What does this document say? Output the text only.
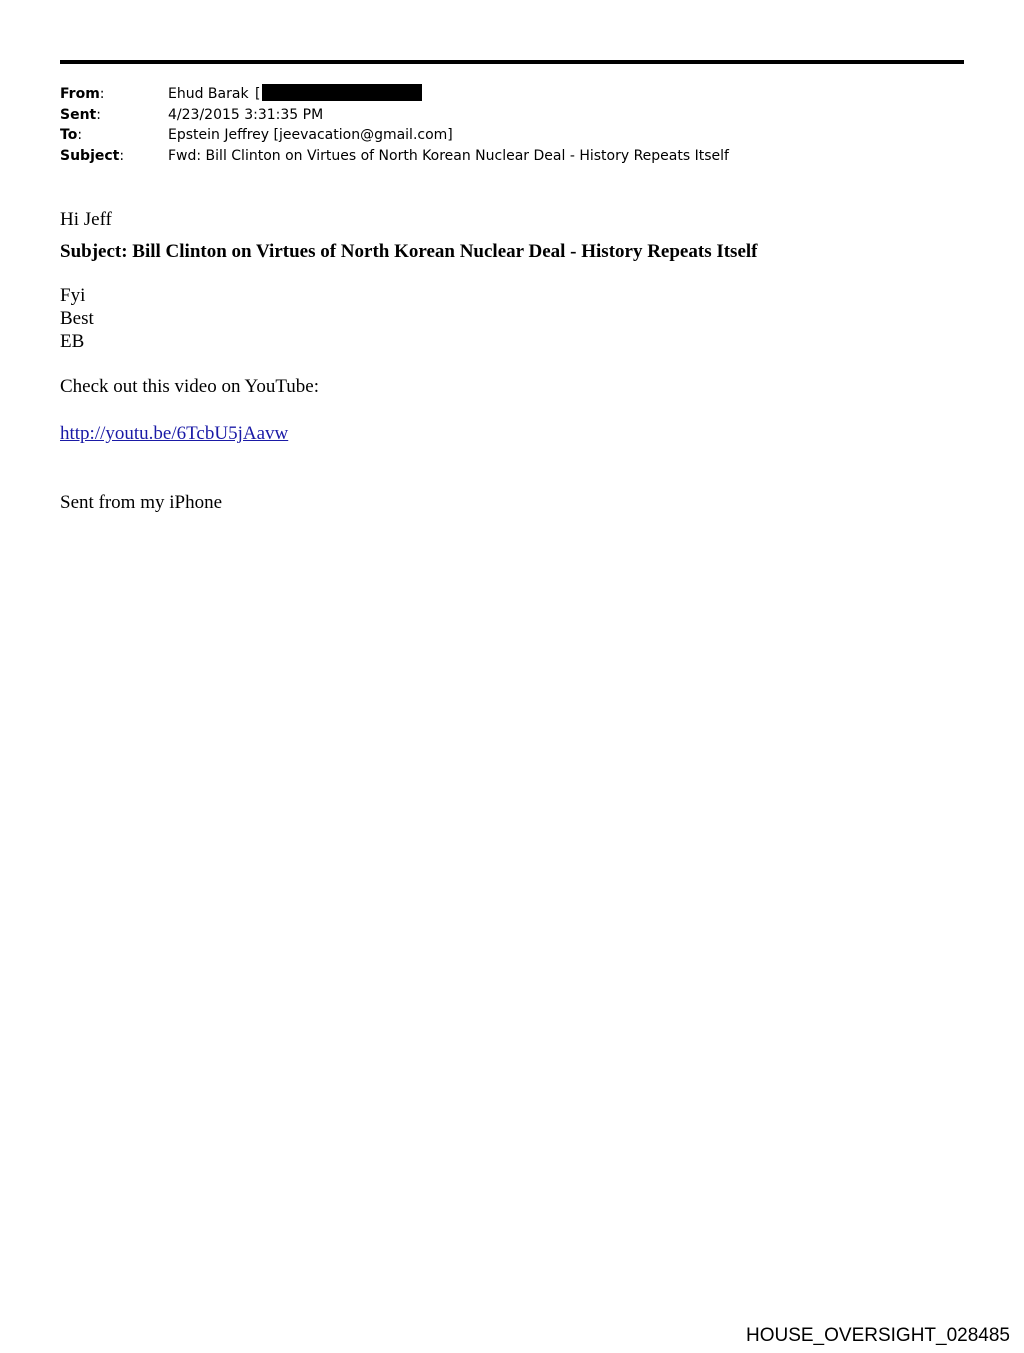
From:	Ehud Barak [
Sent:	4/23/2015 3:31:35 PM
To:	Epstein Jeffrey [jeevacation@gmail.com]
Subject:	Fwd: Bill Clinton on Virtues of North Korean Nuclear Deal - History Repeats Itself
Hi Jeff
Subject: Bill Clinton on Virtues of North Korean Nuclear Deal - History Repeats Itself
Fyi
Best
EB
Check out this video on YouTube:
http://youtu.be/6TcbU5jAavw
Sent from my iPhone
HOUSE_OVERSIGHT_028485
